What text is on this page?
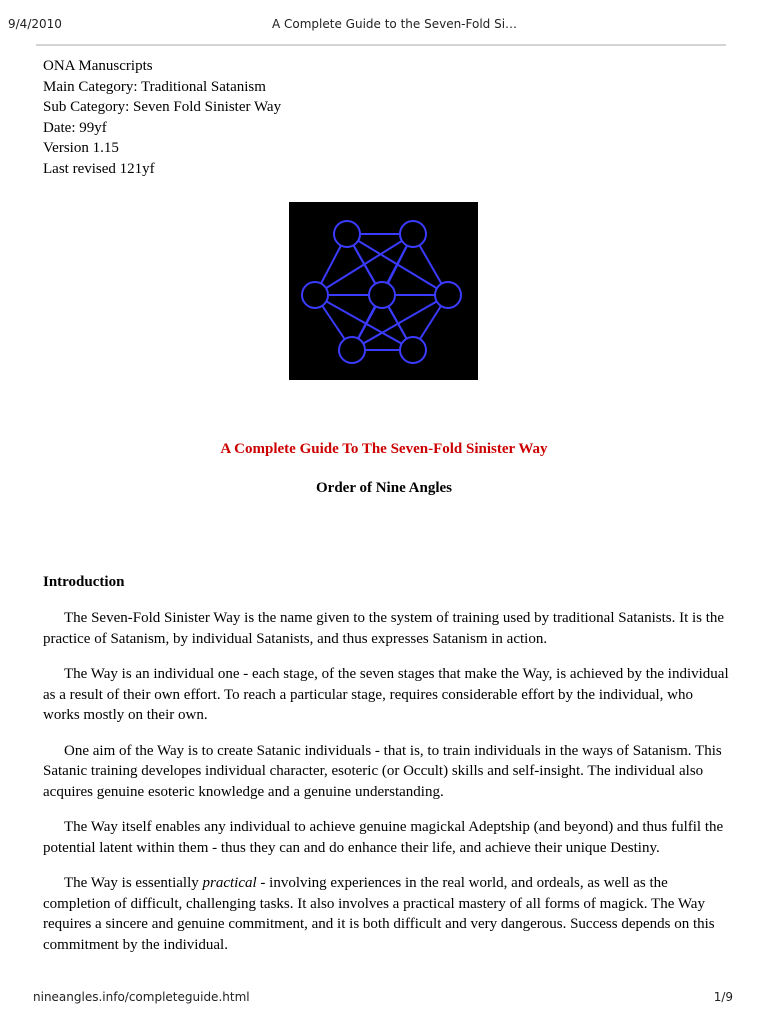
9/4/2010	A Complete Guide to the Seven-Fold Si…
ONA Manuscripts
Main Category: Traditional Satanism
Sub Category: Seven Fold Sinister Way
Date: 99yf
Version 1.15
Last revised 121yf
A Complete Guide To The Seven-Fold Sinister Way
Order of Nine Angles
Introduction

The Seven-Fold Sinister Way is the name given to the system of training used by traditional Satanists. It is the practice of Satanism, by individual Satanists, and thus expresses Satanism in action.

The Way is an individual one - each stage, of the seven stages that make the Way, is achieved by the individual as a result of their own effort. To reach a particular stage, requires considerable effort by the individual, who works mostly on their own.

One aim of the Way is to create Satanic individuals - that is, to train individuals in the ways of Satanism. This Satanic training developes individual character, esoteric (or Occult) skills and self-insight. The individual also acquires genuine esoteric knowledge and a genuine understanding.

The Way itself enables any individual to achieve genuine magickal Adeptship (and beyond) and thus fulfil the potential latent within them - thus they can and do enhance their life, and achieve their unique Destiny.

The Way is essentially practical - involving experiences in the real world, and ordeals, as well as the completion of difficult, challenging tasks. It also involves a practical mastery of all forms of magick. The Way requires a sincere and genuine commitment, and it is both difficult and very dangerous. Success depends on this commitment by the individual.

nineangles.info/completeguide.html	1/9
